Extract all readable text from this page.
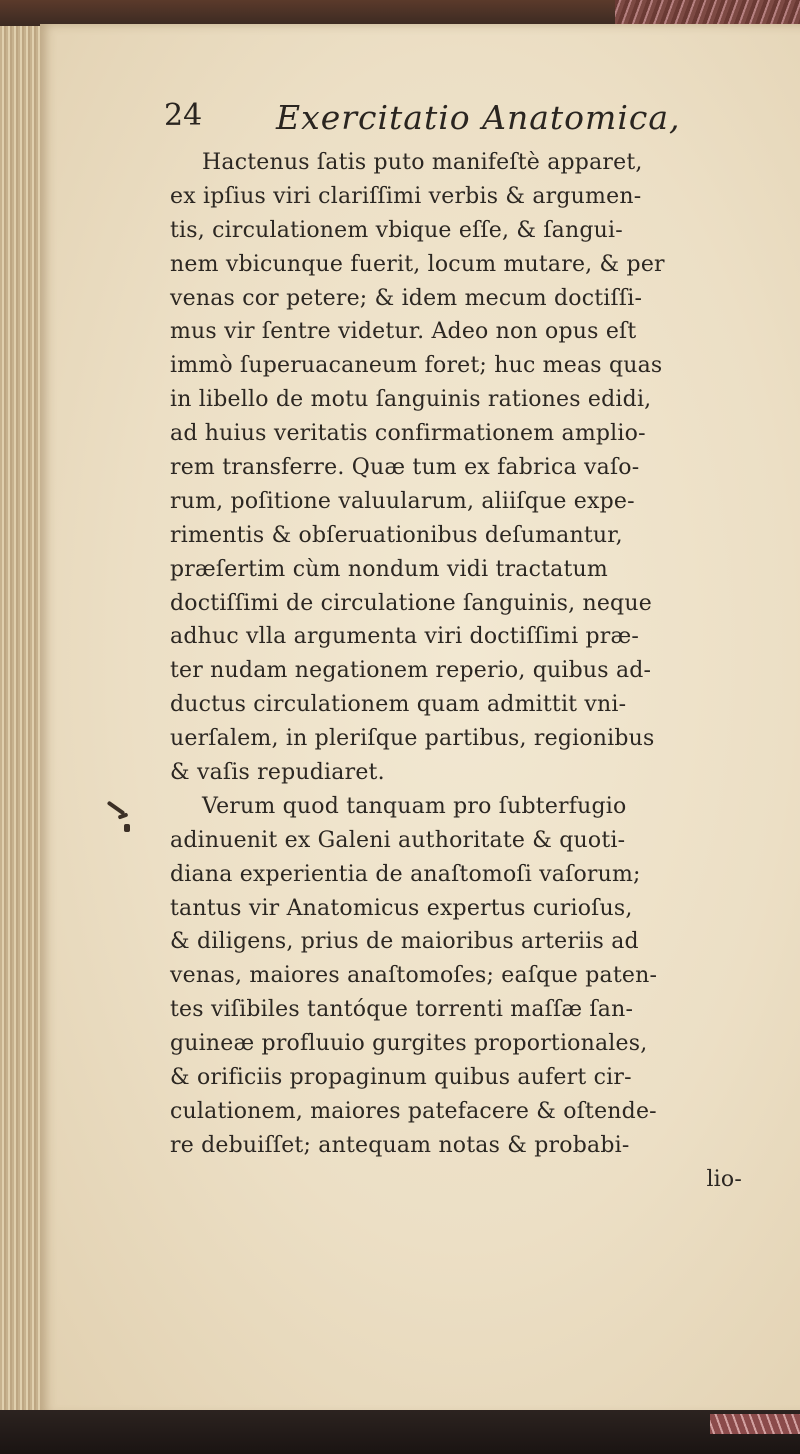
24 Exercitatio Anatomica,
Hactenus ſatis puto manifeſtè apparet,
ex ipſius viri clariſſimi verbis & argumen-
tis, circulationem vbique eſſe, & ſangui-
nem vbicunque fuerit, locum mutare, & per
venas cor petere; & idem mecum doctiſſi-
mus vir ſentre videtur. Adeo non opus eſt
immò ſuperuacaneum foret; huc meas quas
in libello de motu ſanguinis rationes edidi,
ad huius veritatis confirmationem amplio-
rem transferre. Quæ tum ex fabrica vaſo-
rum, poſitione valuularum, aliiſque expe-
rimentis & obſeruationibus deſumantur,
præſertim cùm nondum vidi tractatum
doctiſſimi de circulatione ſanguinis, neque
adhuc vlla argumenta viri doctiſſimi præ-
ter nudam negationem reperio, quibus ad-
ductus circulationem quam admittit vni-
uerſalem, in pleriſque partibus, regionibus
& vaſis repudiaret.
Verum quod tanquam pro ſubterfugio
adinuenit ex Galeni authoritate & quoti-
diana experientia de anaſtomoſi vaſorum;
tantus vir Anatomicus expertus curioſus,
& diligens, prius de maioribus arteriis ad
venas, maiores anaſtomoſes; eaſque paten-
tes viſibiles tantóque torrenti maſſæ ſan-
guineæ profluuio gurgites proportionales,
& orificiis propaginum quibus aufert cir-
culationem, maiores patefacere & oſtende-
re debuiſſet; antequam notas & probabi-
lio-
